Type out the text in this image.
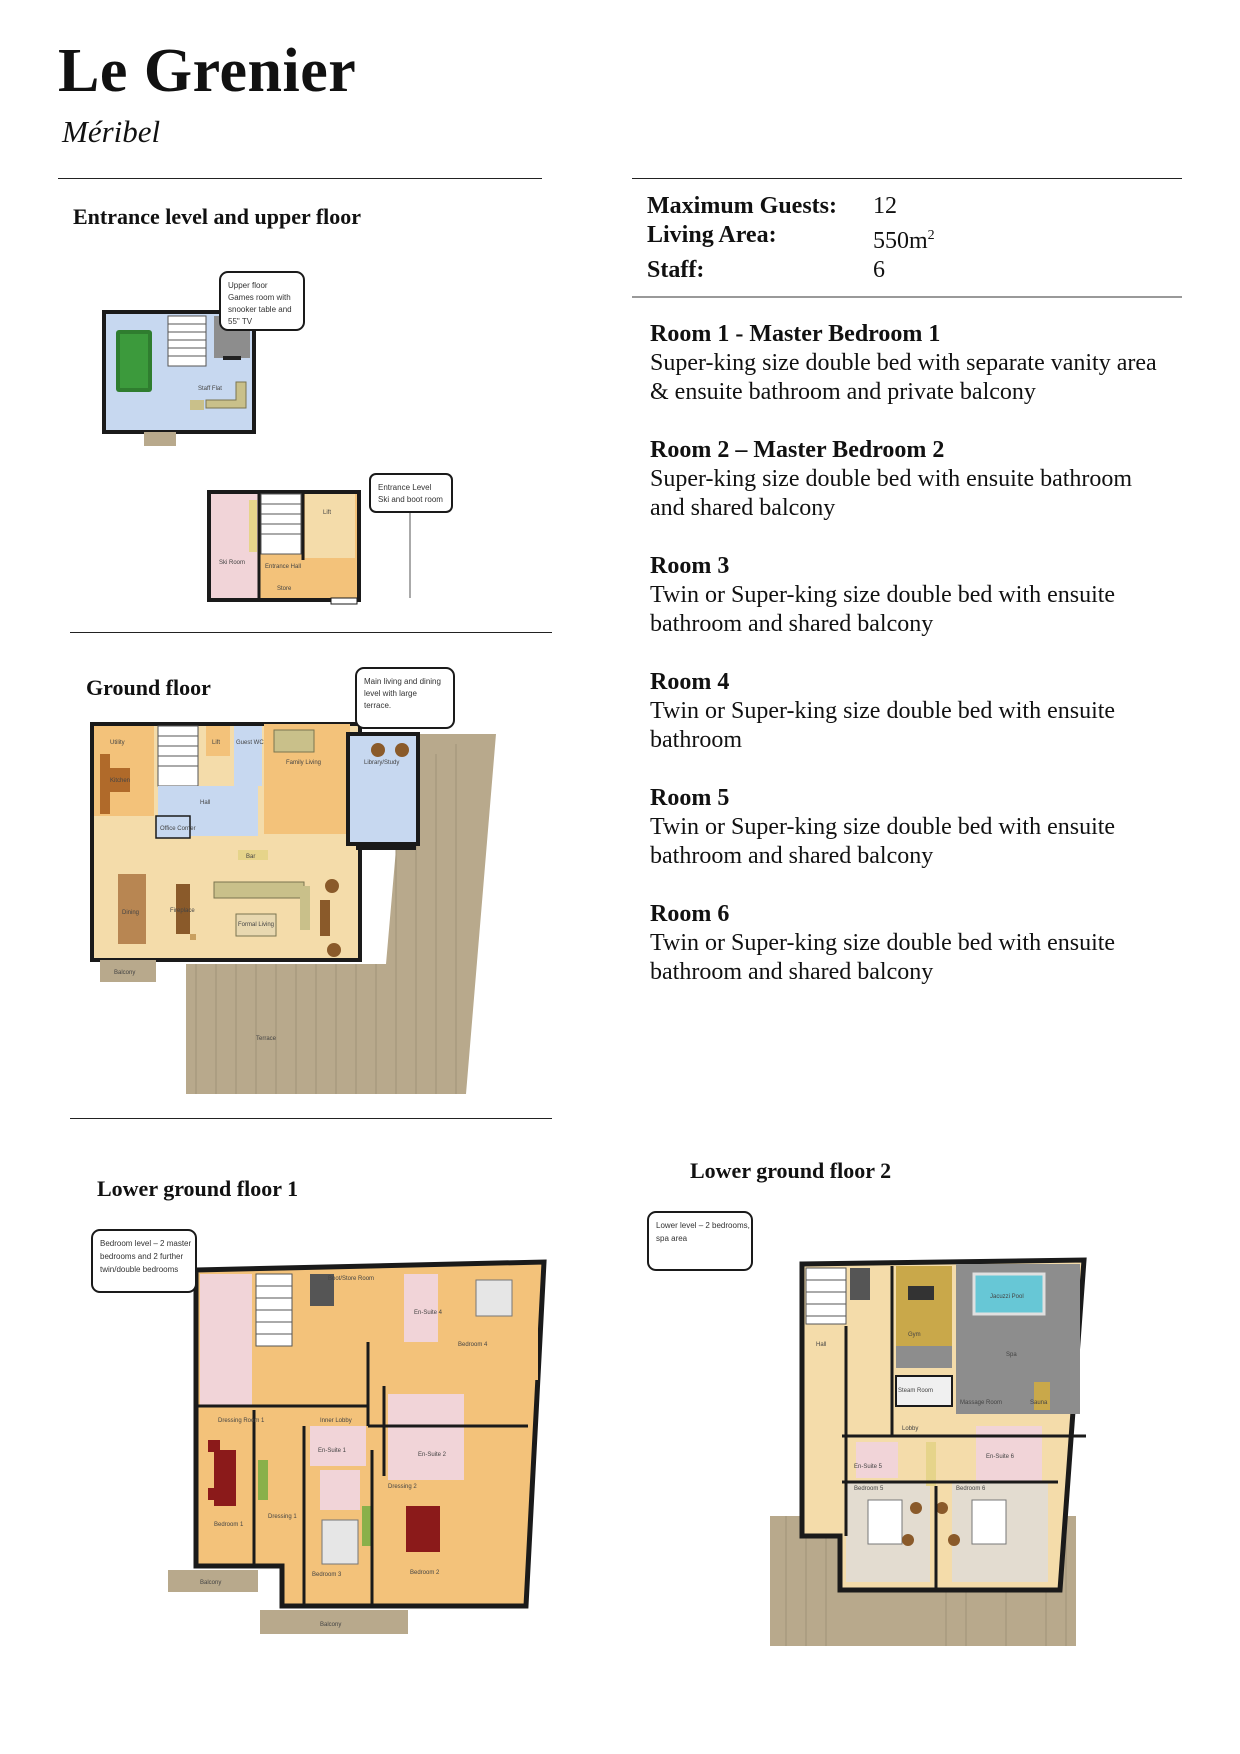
Le Grenier
Méribel
Maximum Guests:	12
Living Area:	$550m^2$
Staff:	6
Room 1 - Master Bedroom 1
Super-king size double bed with separate vanity area & ensuite bathroom and private balcony
Room 2 – Master Bedroom 2
Super-king size double bed with ensuite bathroom and shared balcony
Room 3
Twin or Super-king size double bed with ensuite bathroom and shared balcony
Room 4
Twin or Super-king size double bed with ensuite bathroom
Room 5
Twin or Super-king size double bed with ensuite bathroom and shared balcony
Room 6
Twin or Super-king size double bed with ensuite bathroom and shared balcony
Entrance level and upper floor
Ground floor
Lower ground floor 1
Lower ground floor 2
Staff Flat
Upper floor
Games room with
snooker table and
55" TV
Ski Room
Entrance Hall
Lift
Store
Entrance Level
Ski and boot room
Utility
Kitchen
Lift	Guest WC
Family Living	Library/Study
Hall
Office Corner
Bar
Dining	Fireplace
Formal Living
Balcony
Terrace
Main living and dining
level with large
terrace.
Bedroom 4
En-Suite 4
Boot/Store Room
Dressing Room 1
Bedroom 1
Balcony
Inner Lobby
En-Suite 1
Dressing 1
Bedroom 3
Dressing 2
En-Suite 2
Bedroom 2
Balcony
Bedroom level – 2 master
bedrooms and 2 further
twin/double bedrooms
Hall
Gym
Jacuzzi Pool
Spa
Lobby
Steam Room
Massage Room	Sauna
En-Suite 5
En-Suite 6
Bedroom 5	Bedroom 6
Lower level – 2 bedrooms,
spa area
